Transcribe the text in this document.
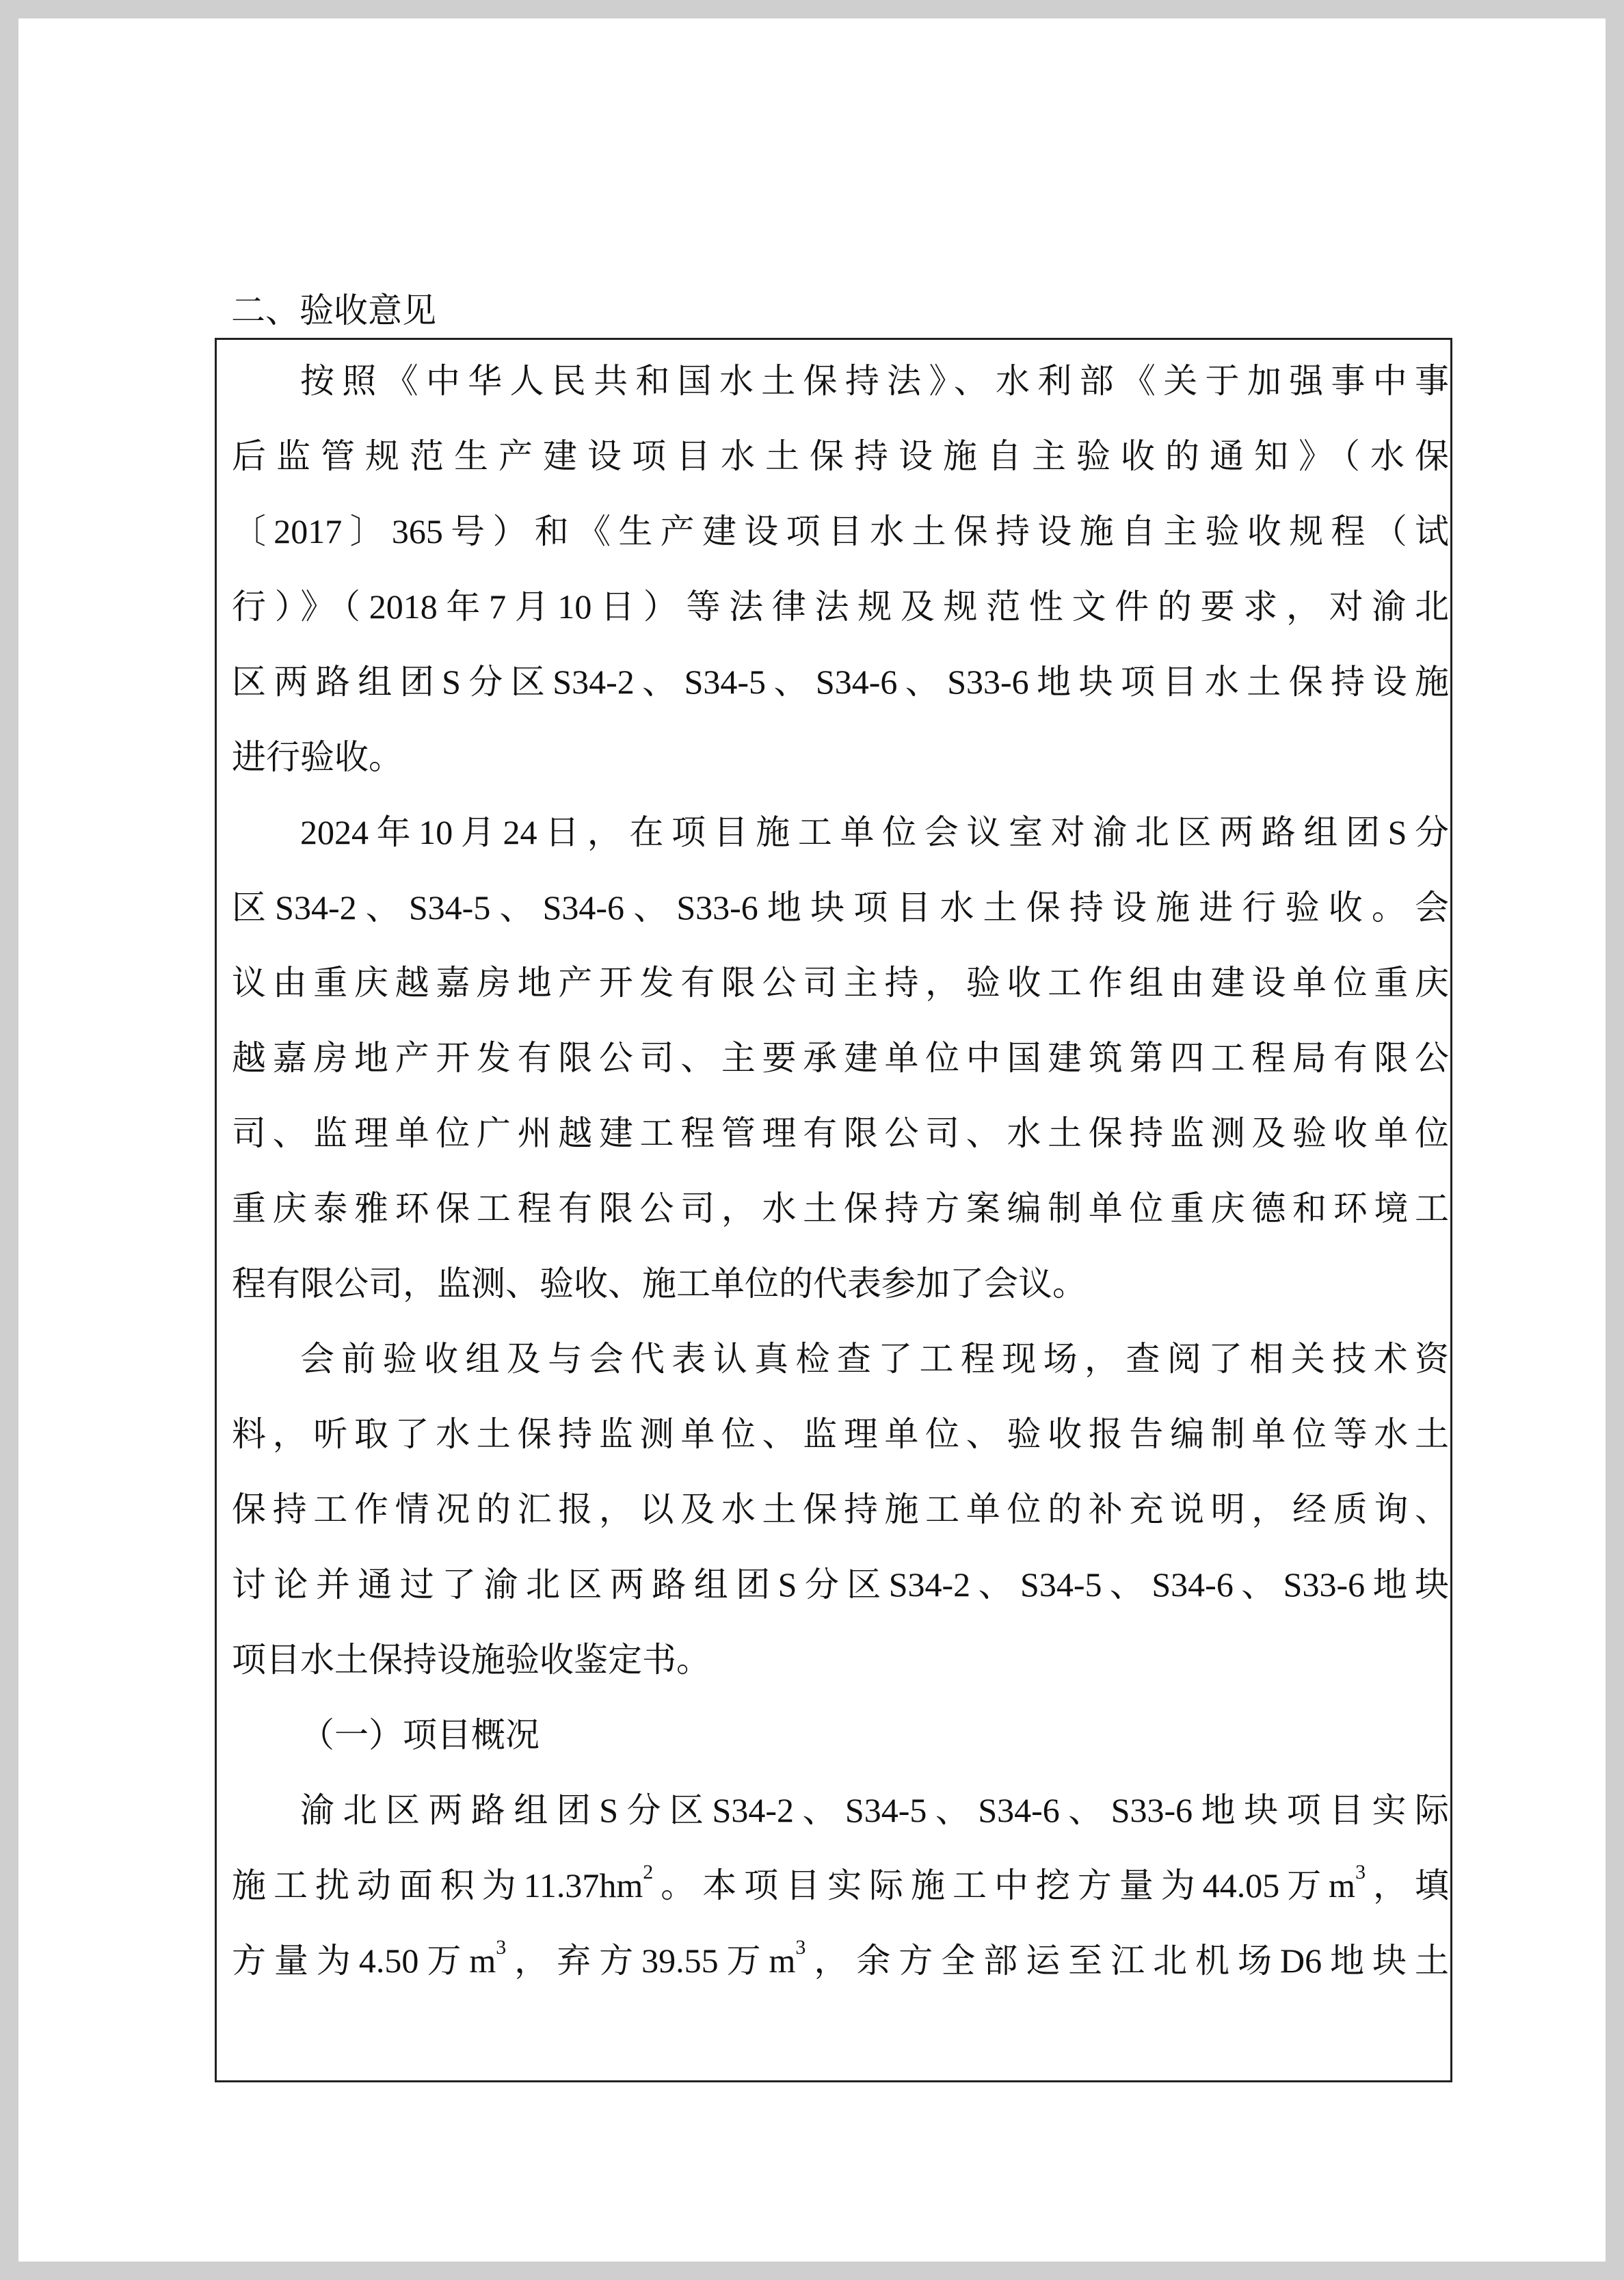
二、验收意见

按照《中华人民共和国水土保持法》、水利部《关于加强事中事

后监管规范生产建设项目水土保持设施自主验收的通知》（水保

〔2017〕365号）和《生产建设项目水土保持设施自主验收规程（试

行）》（2018年7月10日）等法律法规及规范性文件的要求，对渝北

区两路组团S分区S34-2、S34-5、S34-6、S33-6地块项目水土保持设施

进行验收。

2024年10月24日，在项目施工单位会议室对渝北区两路组团S分

区S34-2、S34-5、S34-6、S33-6地块项目水土保持设施进行验收。会

议由重庆越嘉房地产开发有限公司主持，验收工作组由建设单位重庆

越嘉房地产开发有限公司、主要承建单位中国建筑第四工程局有限公

司、监理单位广州越建工程管理有限公司、水土保持监测及验收单位

重庆泰雅环保工程有限公司，水土保持方案编制单位重庆德和环境工

程有限公司，监测、验收、施工单位的代表参加了会议。

会前验收组及与会代表认真检查了工程现场，查阅了相关技术资

料，听取了水土保持监测单位、监理单位、验收报告编制单位等水土

保持工作情况的汇报，以及水土保持施工单位的补充说明，经质询、

讨论并通过了渝北区两路组团S分区S34-2、S34-5、S34-6、S33-6地块

项目水土保持设施验收鉴定书。

（一）项目概况

渝北区两路组团S分区S34-2、S34-5、S34-6、S33-6地块项目实际

施工扰动面积为$11.37hm^2$。本项目实际施工中挖方量为44.05万$m^3$，填

方量为4.50万$m^3$，弃方39.55万$m^3$，余方全部运至江北机场D6地块土
